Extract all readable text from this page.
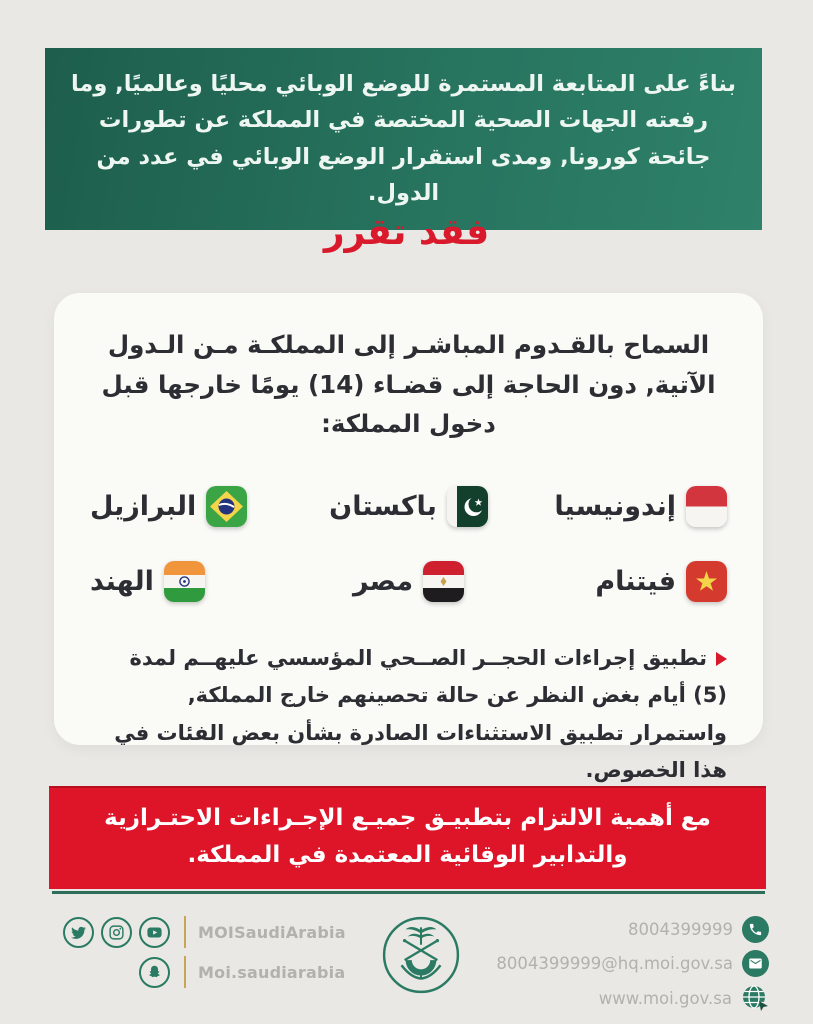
بناءً على المتابعة المستمرة للوضع الوبائي محليًا وعالميًا, وما رفعته الجهات الصحية المختصة في المملكة عن تطورات جائحة كورونا, ومدى استقرار الوضع الوبائي في عدد من الدول.

فقد تقرر

السماح بالقـدوم المباشـر إلى المملكـة مـن الـدول الآتية, دون الحاجة إلى قضـاء (14) يومًا خارجها قبل دخول المملكة:

إندونيسيا
باكستان
البرازيل
فيتنام
مصر
الهند

تطبيق إجراءات الحجــر الصــحي المؤسسي عليهــم لمدة (5) أيام بغض النظر عن حالة تحصينهم خارج المملكة, واستمرار تطبيق الاستثناءات الصادرة بشأن بعض الفئات في هذا الخصوص.

مع أهمية الالتزام بتطبيـق جميـع الإجـراءات الاحتـرازية والتدابير الوقائية المعتمدة في المملكة.

MOISaudiArabia
Moi.saudiarabia
8004399999
8004399999@hq.moi.gov.sa
www.moi.gov.sa
